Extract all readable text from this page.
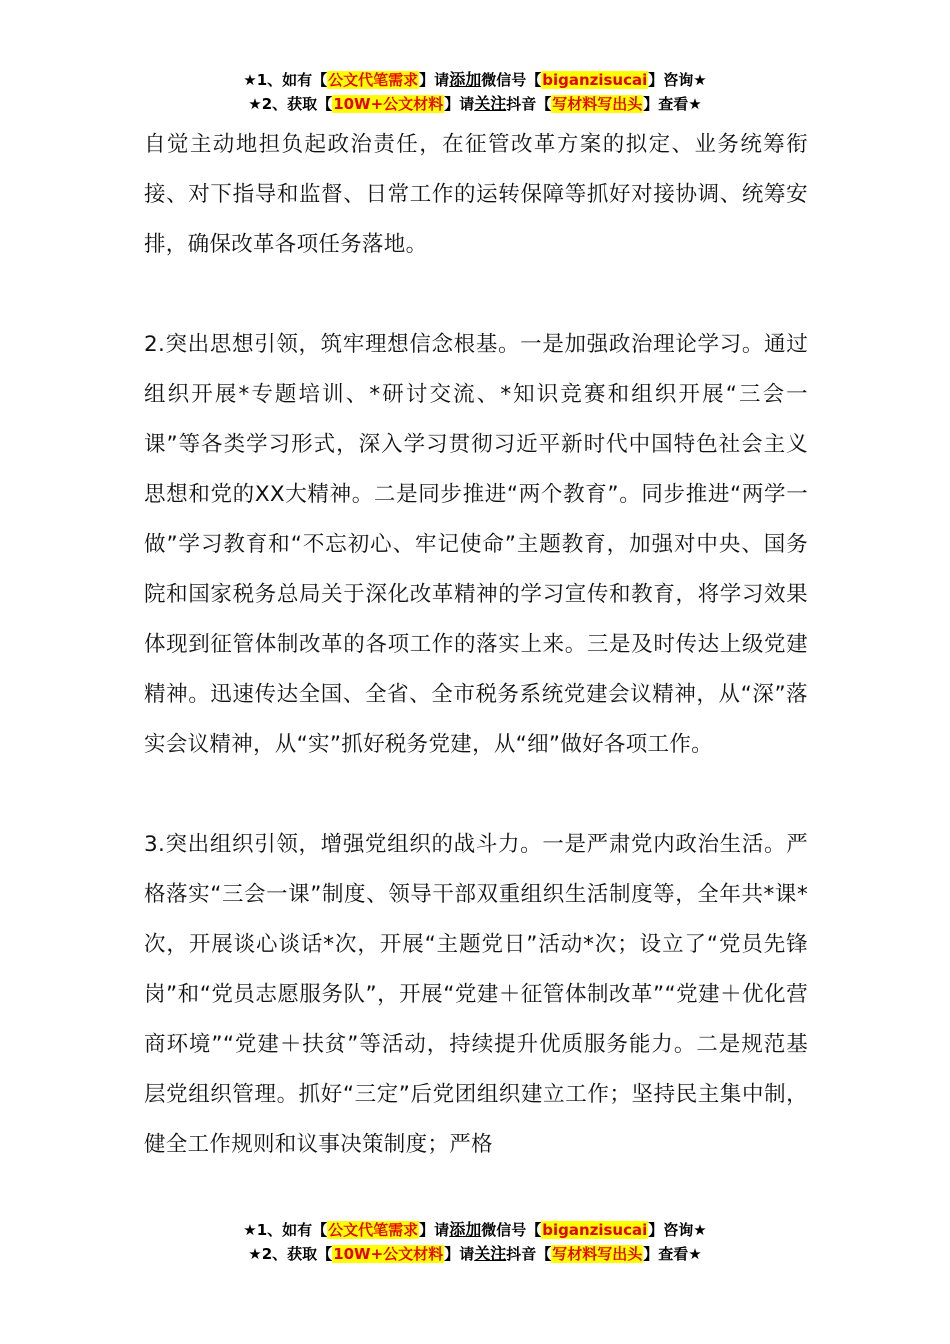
★1、如有【公文代笔需求】请添加微信号【biganzisucai】咨询★
★2、获取【10W+公文材料】请关注抖音【写材料写出头】查看★

自觉主动地担负起政治责任，在征管改革方案的拟定、业务统筹衔接、对下指导和监督、日常工作的运转保障等抓好对接协调、统筹安排，确保改革各项任务落地。

2.突出思想引领，筑牢理想信念根基。一是加强政治理论学习。通过组织开展*专题培训、*研讨交流、*知识竞赛和组织开展“三会一课”等各类学习形式，深入学习贯彻习近平新时代中国特色社会主义思想和党的XX大精神。二是同步推进“两个教育”。同步推进“两学一做”学习教育和“不忘初心、牢记使命”主题教育，加强对中央、国务院和国家税务总局关于深化改革精神的学习宣传和教育，将学习效果体现到征管体制改革的各项工作的落实上来。三是及时传达上级党建精神。迅速传达全国、全省、全市税务系统党建会议精神，从“深”落实会议精神，从“实”抓好税务党建，从“细”做好各项工作。

3.突出组织引领，增强党组织的战斗力。一是严肃党内政治生活。严格落实“三会一课”制度、领导干部双重组织生活制度等，全年共*课*次，开展谈心谈话*次，开展“主题党日”活动*次；设立了“党员先锋岗”和“党员志愿服务队”，开展“党建＋征管体制改革”“党建＋优化营商环境”“党建＋扶贫”等活动，持续提升优质服务能力。二是规范基层党组织管理。抓好“三定”后党团组织建立工作；坚持民主集中制，健全工作规则和议事决策制度；严格

★1、如有【公文代笔需求】请添加微信号【biganzisucai】咨询★
★2、获取【10W+公文材料】请关注抖音【写材料写出头】查看★
